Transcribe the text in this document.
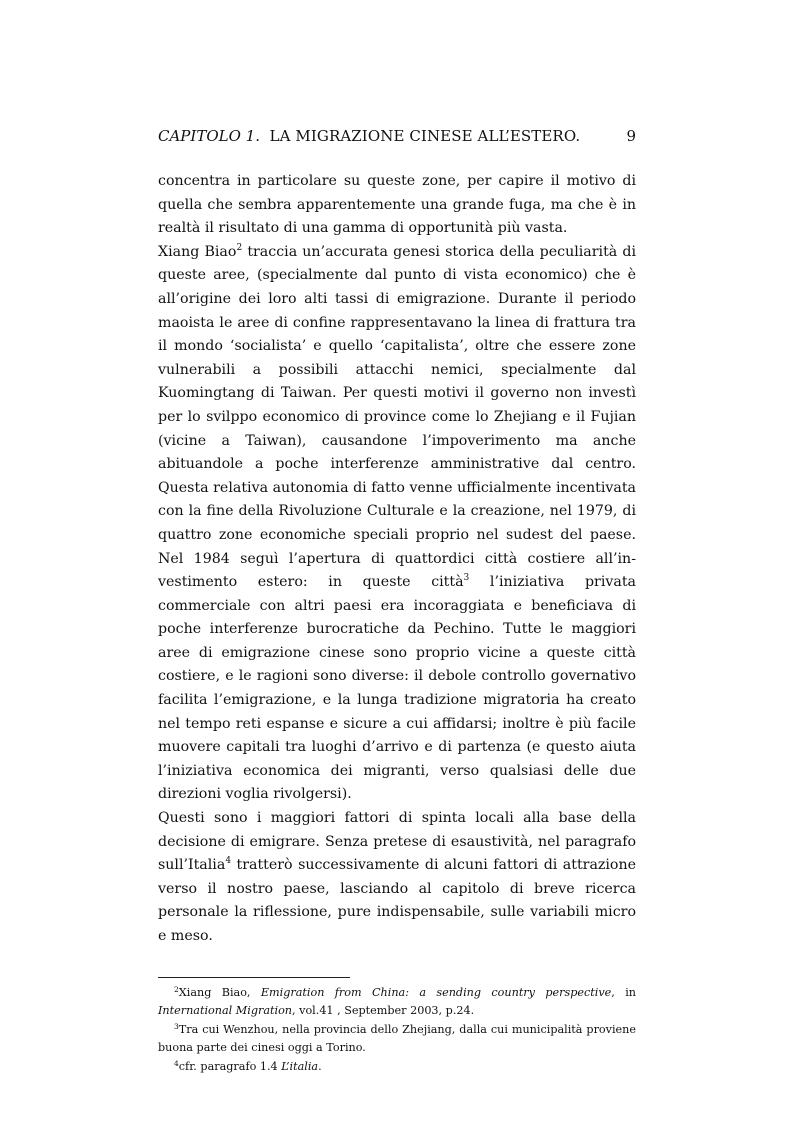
CAPITOLO 1. LA MIGRAZIONE CINESE ALL’ESTERO.	9

concentra in particolare su queste zone, per capire il motivo di quella che sembra apparentemente una grande fuga, ma che è in realtà il risultato di una gamma di opportunità più vasta.

Xiang Biao$^2$ traccia un’accurata genesi storica della peculiarità di queste aree, (specialmente dal punto di vista economico) che è all’origine dei loro alti tassi di emigrazione. Durante il periodo maoista le aree di confine rappresentavano la linea di frattura tra il mondo ‘socialista’ e quello ‘capitalista’, oltre che essere zone vulnerabili a possibili attacchi nemici, specialmente dal Kuomingtang di Taiwan. Per questi motivi il governo non investì per lo svilppo economico di province come lo Zhejiang e il Fujian (vicine a Taiwan), causandone l’impoverimento ma anche abituandole a poche interferenze amministrative dal centro. Questa relativa autonomia di fatto venne ufficialmente incentivata con la fine della Rivoluzione Culturale e la creazione, nel 1979, di quattro zone economiche speciali proprio nel sudest del paese. Nel 1984 seguì l’apertura di quattordici città costiere all’investimento estero: in queste città$^3$ l’iniziativa privata commerciale con altri paesi era incoraggiata e beneficiava di poche interferenze burocratiche da Pechino. Tutte le maggiori aree di emigrazione cinese sono proprio vicine a queste città costiere, e le ragioni sono diverse: il debole controllo governativo facilita l’emigrazione, e la lunga tradizione migratoria ha creato nel tempo reti espanse e sicure a cui affidarsi; inoltre è più facile muovere capitali tra luoghi d’arrivo e di partenza (e questo aiuta l’iniziativa economica dei migranti, verso qualsiasi delle due direzioni voglia rivolgersi).

Questi sono i maggiori fattori di spinta locali alla base della decisione di emigrare. Senza pretese di esaustività, nel paragrafo sull’Italia$^4$ tratterò successivamente di alcuni fattori di attrazione verso il nostro paese, lasciando al capitolo di breve ricerca personale la riflessione, pure indispensabile, sulle variabili micro e meso.

$^2$Xiang Biao, Emigration from China: a sending country perspective, in International Migration, vol.41 , September 2003, p.24.

$^3$Tra cui Wenzhou, nella provincia dello Zhejiang, dalla cui municipalità proviene buona parte dei cinesi oggi a Torino.

$^4$cfr. paragrafo 1.4 L’italia.
